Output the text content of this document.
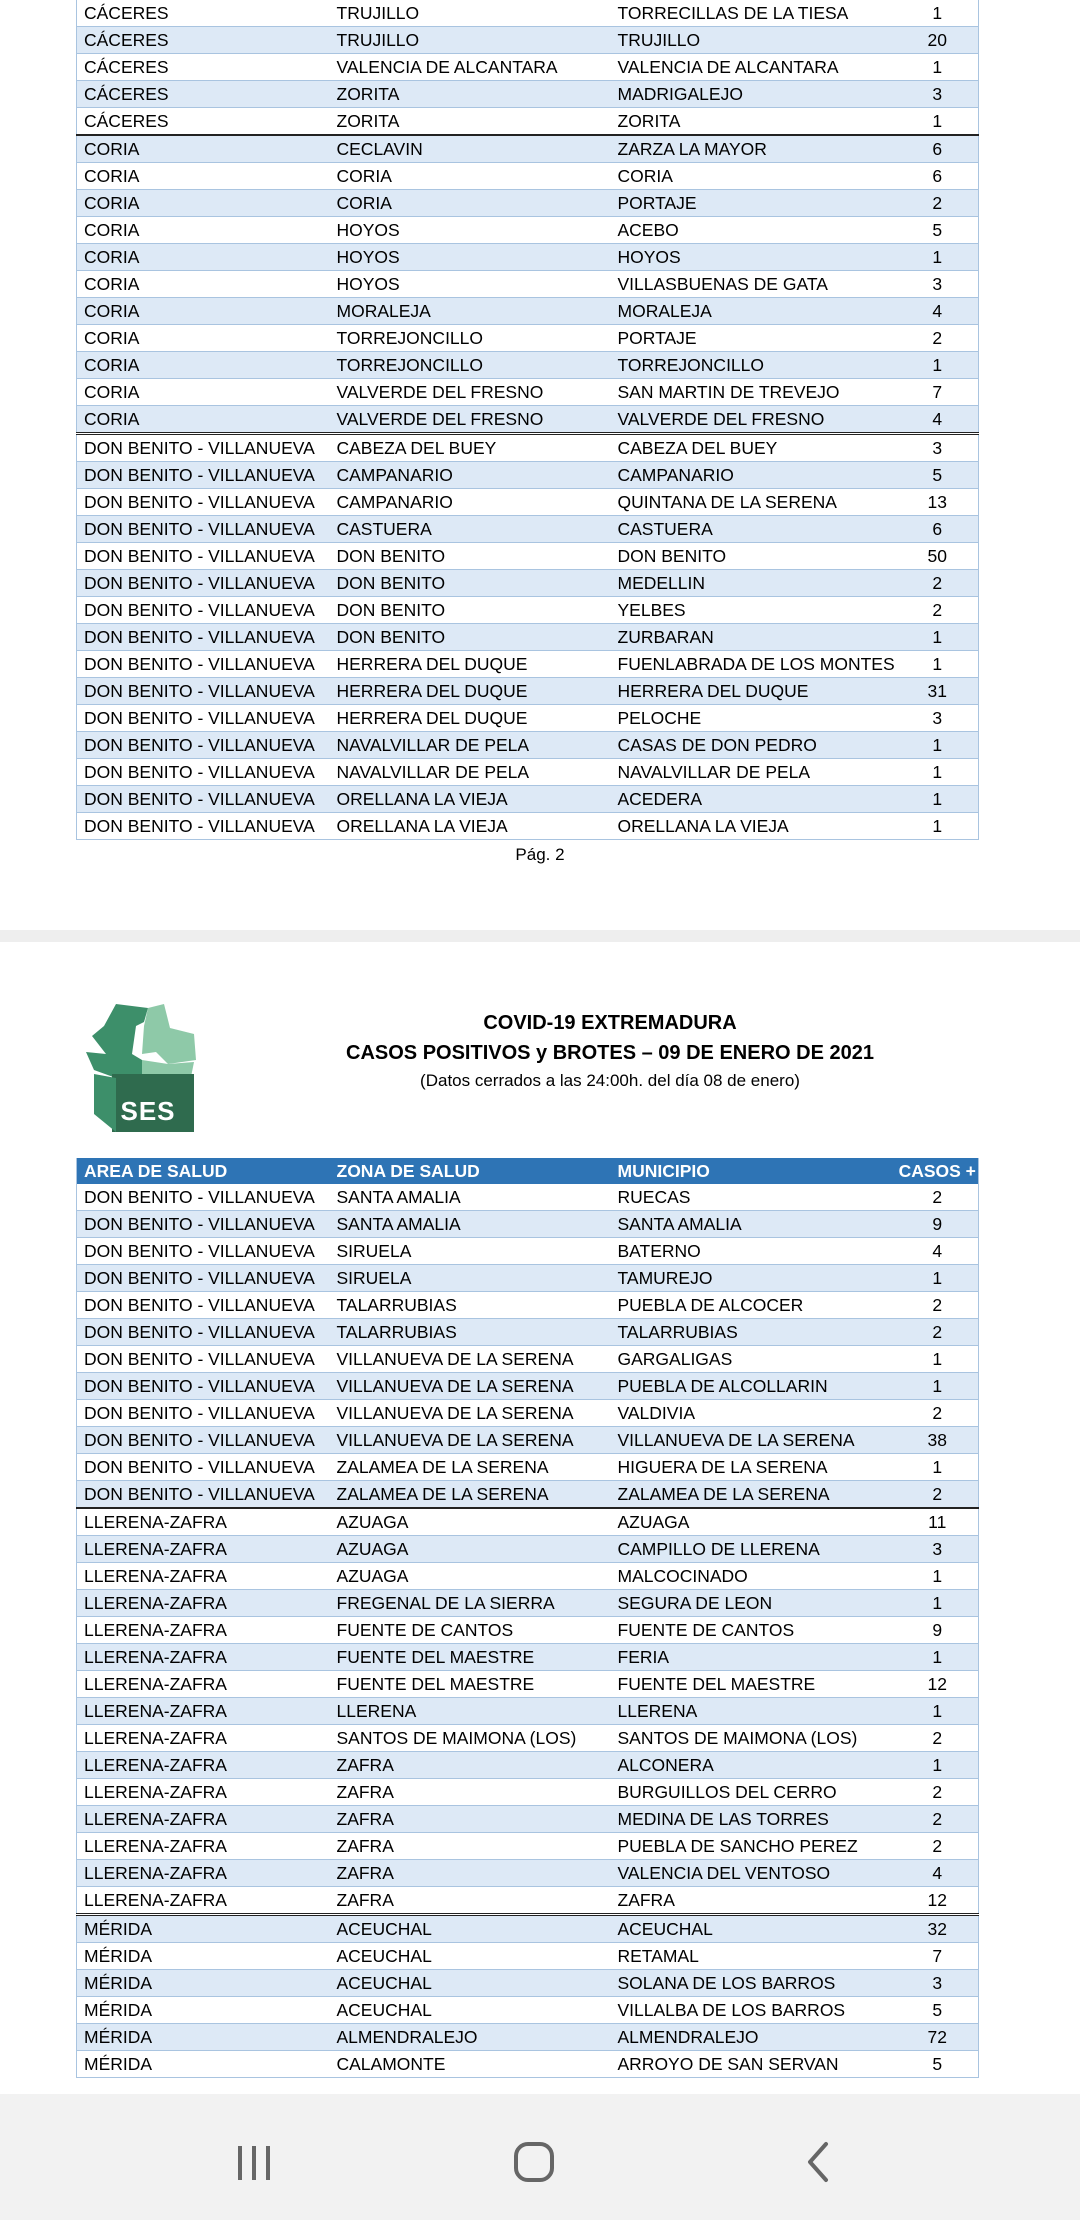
CÁCERES	TRUJILLO	TORRECILLAS DE LA TIESA	1
CÁCERES	TRUJILLO	TRUJILLO	20
CÁCERES	VALENCIA DE ALCANTARA	VALENCIA DE ALCANTARA	1
CÁCERES	ZORITA	MADRIGALEJO	3
CÁCERES	ZORITA	ZORITA	1
CORIA	CECLAVIN	ZARZA LA MAYOR	6
CORIA	CORIA	CORIA	6
CORIA	CORIA	PORTAJE	2
CORIA	HOYOS	ACEBO	5
CORIA	HOYOS	HOYOS	1
CORIA	HOYOS	VILLASBUENAS DE GATA	3
CORIA	MORALEJA	MORALEJA	4
CORIA	TORREJONCILLO	PORTAJE	2
CORIA	TORREJONCILLO	TORREJONCILLO	1
CORIA	VALVERDE DEL FRESNO	SAN MARTIN DE TREVEJO	7
CORIA	VALVERDE DEL FRESNO	VALVERDE DEL FRESNO	4
DON BENITO - VILLANUEVA	CABEZA DEL BUEY	CABEZA DEL BUEY	3
DON BENITO - VILLANUEVA	CAMPANARIO	CAMPANARIO	5
DON BENITO - VILLANUEVA	CAMPANARIO	QUINTANA DE LA SERENA	13
DON BENITO - VILLANUEVA	CASTUERA	CASTUERA	6
DON BENITO - VILLANUEVA	DON BENITO	DON BENITO	50
DON BENITO - VILLANUEVA	DON BENITO	MEDELLIN	2
DON BENITO - VILLANUEVA	DON BENITO	YELBES	2
DON BENITO - VILLANUEVA	DON BENITO	ZURBARAN	1
DON BENITO - VILLANUEVA	HERRERA DEL DUQUE	FUENLABRADA DE LOS MONTES	1
DON BENITO - VILLANUEVA	HERRERA DEL DUQUE	HERRERA DEL DUQUE	31
DON BENITO - VILLANUEVA	HERRERA DEL DUQUE	PELOCHE	3
DON BENITO - VILLANUEVA	NAVALVILLAR DE PELA	CASAS DE DON PEDRO	1
DON BENITO - VILLANUEVA	NAVALVILLAR DE PELA	NAVALVILLAR DE PELA	1
DON BENITO - VILLANUEVA	ORELLANA LA VIEJA	ACEDERA	1
DON BENITO - VILLANUEVA	ORELLANA LA VIEJA	ORELLANA LA VIEJA	1
Pág. 2
SES
COVID-19 EXTREMADURA
CASOS POSITIVOS y BROTES – 09 DE ENERO DE 2021
(Datos cerrados a las 24:00h. del día 08 de enero)
AREA DE SALUD	ZONA DE SALUD	MUNICIPIO	CASOS +
DON BENITO - VILLANUEVA	SANTA AMALIA	RUECAS	2
DON BENITO - VILLANUEVA	SANTA AMALIA	SANTA AMALIA	9
DON BENITO - VILLANUEVA	SIRUELA	BATERNO	4
DON BENITO - VILLANUEVA	SIRUELA	TAMUREJO	1
DON BENITO - VILLANUEVA	TALARRUBIAS	PUEBLA DE ALCOCER	2
DON BENITO - VILLANUEVA	TALARRUBIAS	TALARRUBIAS	2
DON BENITO - VILLANUEVA	VILLANUEVA DE LA SERENA	GARGALIGAS	1
DON BENITO - VILLANUEVA	VILLANUEVA DE LA SERENA	PUEBLA DE ALCOLLARIN	1
DON BENITO - VILLANUEVA	VILLANUEVA DE LA SERENA	VALDIVIA	2
DON BENITO - VILLANUEVA	VILLANUEVA DE LA SERENA	VILLANUEVA DE LA SERENA	38
DON BENITO - VILLANUEVA	ZALAMEA DE LA SERENA	HIGUERA DE LA SERENA	1
DON BENITO - VILLANUEVA	ZALAMEA DE LA SERENA	ZALAMEA DE LA SERENA	2
LLERENA-ZAFRA	AZUAGA	AZUAGA	11
LLERENA-ZAFRA	AZUAGA	CAMPILLO DE LLERENA	3
LLERENA-ZAFRA	AZUAGA	MALCOCINADO	1
LLERENA-ZAFRA	FREGENAL DE LA SIERRA	SEGURA DE LEON	1
LLERENA-ZAFRA	FUENTE DE CANTOS	FUENTE DE CANTOS	9
LLERENA-ZAFRA	FUENTE DEL MAESTRE	FERIA	1
LLERENA-ZAFRA	FUENTE DEL MAESTRE	FUENTE DEL MAESTRE	12
LLERENA-ZAFRA	LLERENA	LLERENA	1
LLERENA-ZAFRA	SANTOS DE MAIMONA (LOS)	SANTOS DE MAIMONA (LOS)	2
LLERENA-ZAFRA	ZAFRA	ALCONERA	1
LLERENA-ZAFRA	ZAFRA	BURGUILLOS DEL CERRO	2
LLERENA-ZAFRA	ZAFRA	MEDINA DE LAS TORRES	2
LLERENA-ZAFRA	ZAFRA	PUEBLA DE SANCHO PEREZ	2
LLERENA-ZAFRA	ZAFRA	VALENCIA DEL VENTOSO	4
LLERENA-ZAFRA	ZAFRA	ZAFRA	12
MÉRIDA	ACEUCHAL	ACEUCHAL	32
MÉRIDA	ACEUCHAL	RETAMAL	7
MÉRIDA	ACEUCHAL	SOLANA DE LOS BARROS	3
MÉRIDA	ACEUCHAL	VILLALBA DE LOS BARROS	5
MÉRIDA	ALMENDRALEJO	ALMENDRALEJO	72
MÉRIDA	CALAMONTE	ARROYO DE SAN SERVAN	5
